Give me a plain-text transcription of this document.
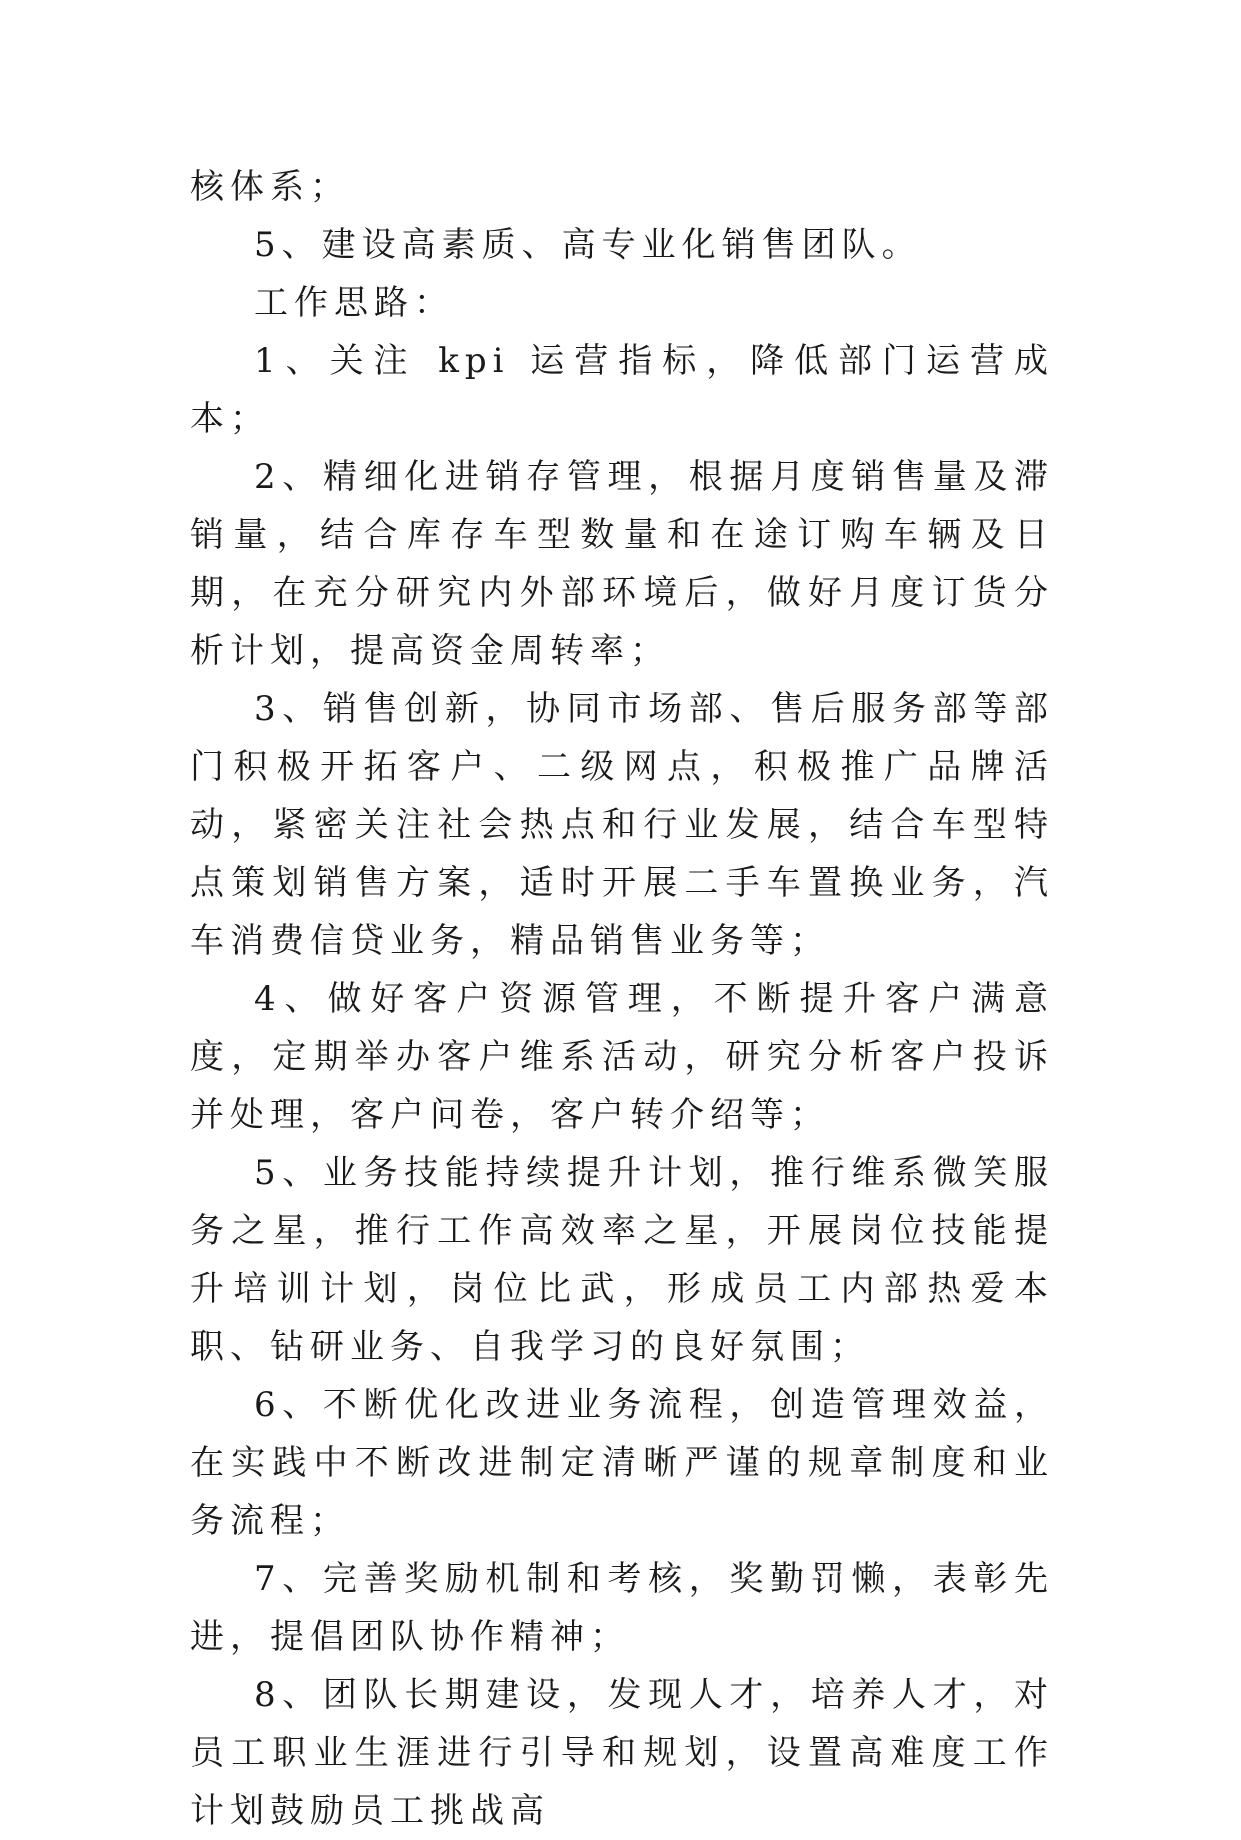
核体系；

5、建设高素质、高专业化销售团队。

工作思路：

1、关注 kpi 运营指标，降低部门运营成本；

2、精细化进销存管理，根据月度销售量及滞销量，结合库存车型数量和在途订购车辆及日期，在充分研究内外部环境后，做好月度订货分析计划，提高资金周转率；

3、销售创新，协同市场部、售后服务部等部门积极开拓客户、二级网点，积极推广品牌活动，紧密关注社会热点和行业发展，结合车型特点策划销售方案，适时开展二手车置换业务，汽车消费信贷业务，精品销售业务等；

4、做好客户资源管理，不断提升客户满意度，定期举办客户维系活动，研究分析客户投诉并处理，客户问卷，客户转介绍等；

5、业务技能持续提升计划，推行维系微笑服务之星，推行工作高效率之星，开展岗位技能提升培训计划，岗位比武，形成员工内部热爱本职、钻研业务、自我学习的良好氛围；

6、不断优化改进业务流程，创造管理效益，在实践中不断改进制定清晰严谨的规章制度和业务流程；

7、完善奖励机制和考核，奖勤罚懒，表彰先进，提倡团队协作精神；

8、团队长期建设，发现人才，培养人才，对员工职业生涯进行引导和规划，设置高难度工作计划鼓励员工挑战高
